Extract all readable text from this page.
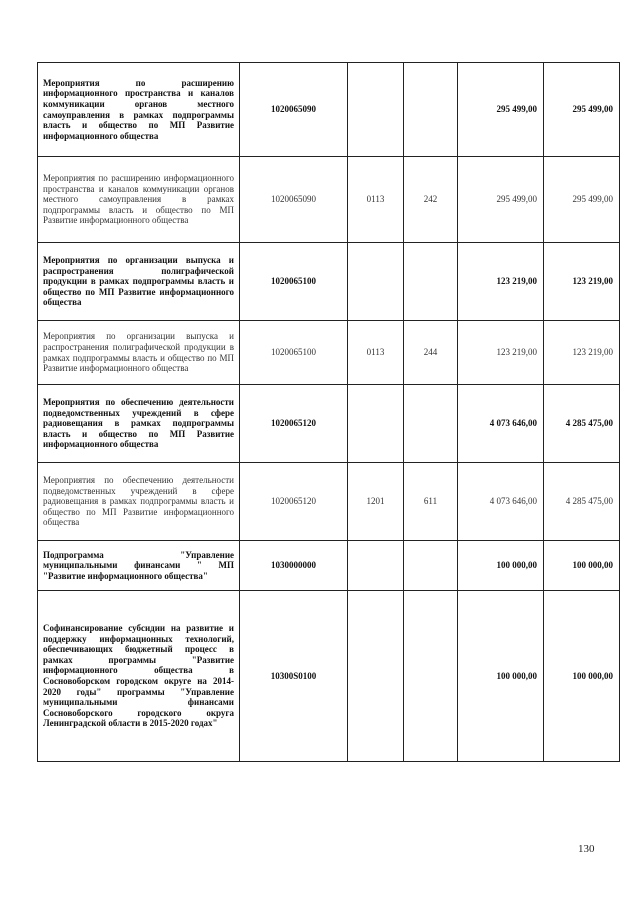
Мероприятия по расширению информационного пространства и каналов коммуникации органов местного самоуправления в рамках подпрограммы власть и общество по МП Развитие информационного общества	1020065090			295 499,00	295 499,00
Мероприятия по расширению информационного пространства и каналов коммуникации органов местного самоуправления в рамках подпрограммы власть и общество по МП Развитие информационного общества	1020065090	0113	242	295 499,00	295 499,00
Мероприятия по организации выпуска и распространения полиграфической продукции в рамках подпрограммы власть и общество по МП Развитие информационного общества	1020065100			123 219,00	123 219,00
Мероприятия по организации выпуска и распространения полиграфической продукции в рамках подпрограммы власть и общество по МП Развитие информационного общества	1020065100	0113	244	123 219,00	123 219,00
Мероприятия по обеспечению деятельности подведомственных учреждений в сфере радиовещания в рамках подпрограммы власть и общество по МП Развитие информационного общества	1020065120			4 073 646,00	4 285 475,00
Мероприятия по обеспечению деятельности подведомственных учреждений в сфере радиовещания в рамках подпрограммы власть и общество по МП Развитие информационного общества	1020065120	1201	611	4 073 646,00	4 285 475,00
Подпрограмма "Управление муниципальными финансами " МП "Развитие информационного общества"	1030000000			100 000,00	100 000,00
Софинансирование субсидии на развитие и поддержку информационных технологий, обеспечивающих бюджетный процесс в рамках программы "Развитие информационного общества в Сосновоборском городском округе на 2014-2020 годы" программы "Управление муниципальными финансами Сосновоборского городского округа Ленинградской области в 2015-2020 годах"	10300S0100			100 000,00	100 000,00
130
